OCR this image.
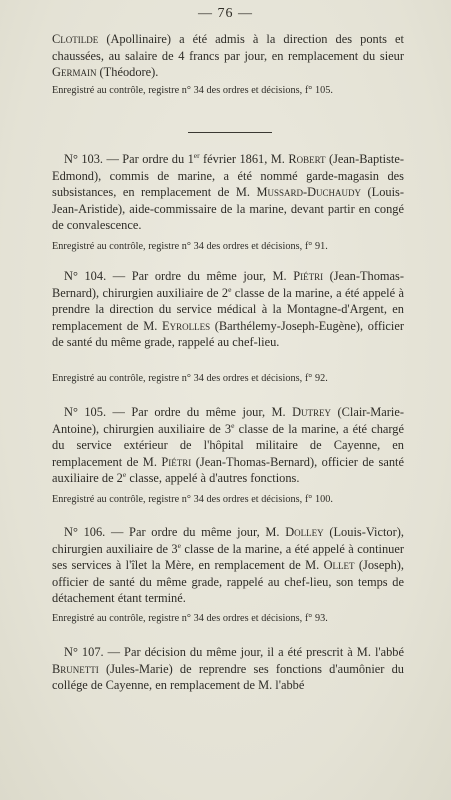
— 76 —

Clotilde (Apollinaire) a été admis à la direction des ponts et chaussées, au salaire de 4 francs par jour, en remplacement du sieur Germain (Théodore).

Enregistré au contrôle, registre n° 34 des ordres et décisions, f° 105.

N° 103. — Par ordre du 1er février 1861, M. Robert (Jean-Baptiste-Edmond), commis de marine, a été nommé garde-magasin des subsistances, en remplacement de M. Mussard-Duchaudy (Louis-Jean-Aristide), aide-commissaire de la marine, devant partir en congé de convalescence.

Enregistré au contrôle, registre n° 34 des ordres et décisions, f° 91.

N° 104. — Par ordre du même jour, M. Piétri (Jean-Thomas-Bernard), chirurgien auxiliaire de 2e classe de la marine, a été appelé à prendre la direction du service médical à la Montagne-d'Argent, en remplacement de M. Eyrolles (Barthélemy-Joseph-Eugène), officier de santé du même grade, rappelé au chef-lieu.

Enregistré au contrôle, registre n° 34 des ordres et décisions, f° 92.

N° 105. — Par ordre du même jour, M. Dutrey (Clair-Marie-Antoine), chirurgien auxiliaire de 3e classe de la marine, a été chargé du service extérieur de l'hôpital militaire de Cayenne, en remplacement de M. Piétri (Jean-Thomas-Bernard), officier de santé auxiliaire de 2e classe, appelé à d'autres fonctions.

Enregistré au contrôle, registre n° 34 des ordres et décisions, f° 100.

N° 106. — Par ordre du même jour, M. Dolley (Louis-Victor), chirurgien auxiliaire de 3e classe de la marine, a été appelé à continuer ses services à l'îlet la Mère, en remplacement de M. Ollet (Joseph), officier de santé du même grade, rappelé au chef-lieu, son temps de détachement étant terminé.

Enregistré au contrôle, registre n° 34 des ordres et décisions, f° 93.

N° 107. — Par décision du même jour, il a été prescrit à M. l'abbé Brunetti (Jules-Marie) de reprendre ses fonctions d'aumônier du collége de Cayenne, en remplacement de M. l'abbé
